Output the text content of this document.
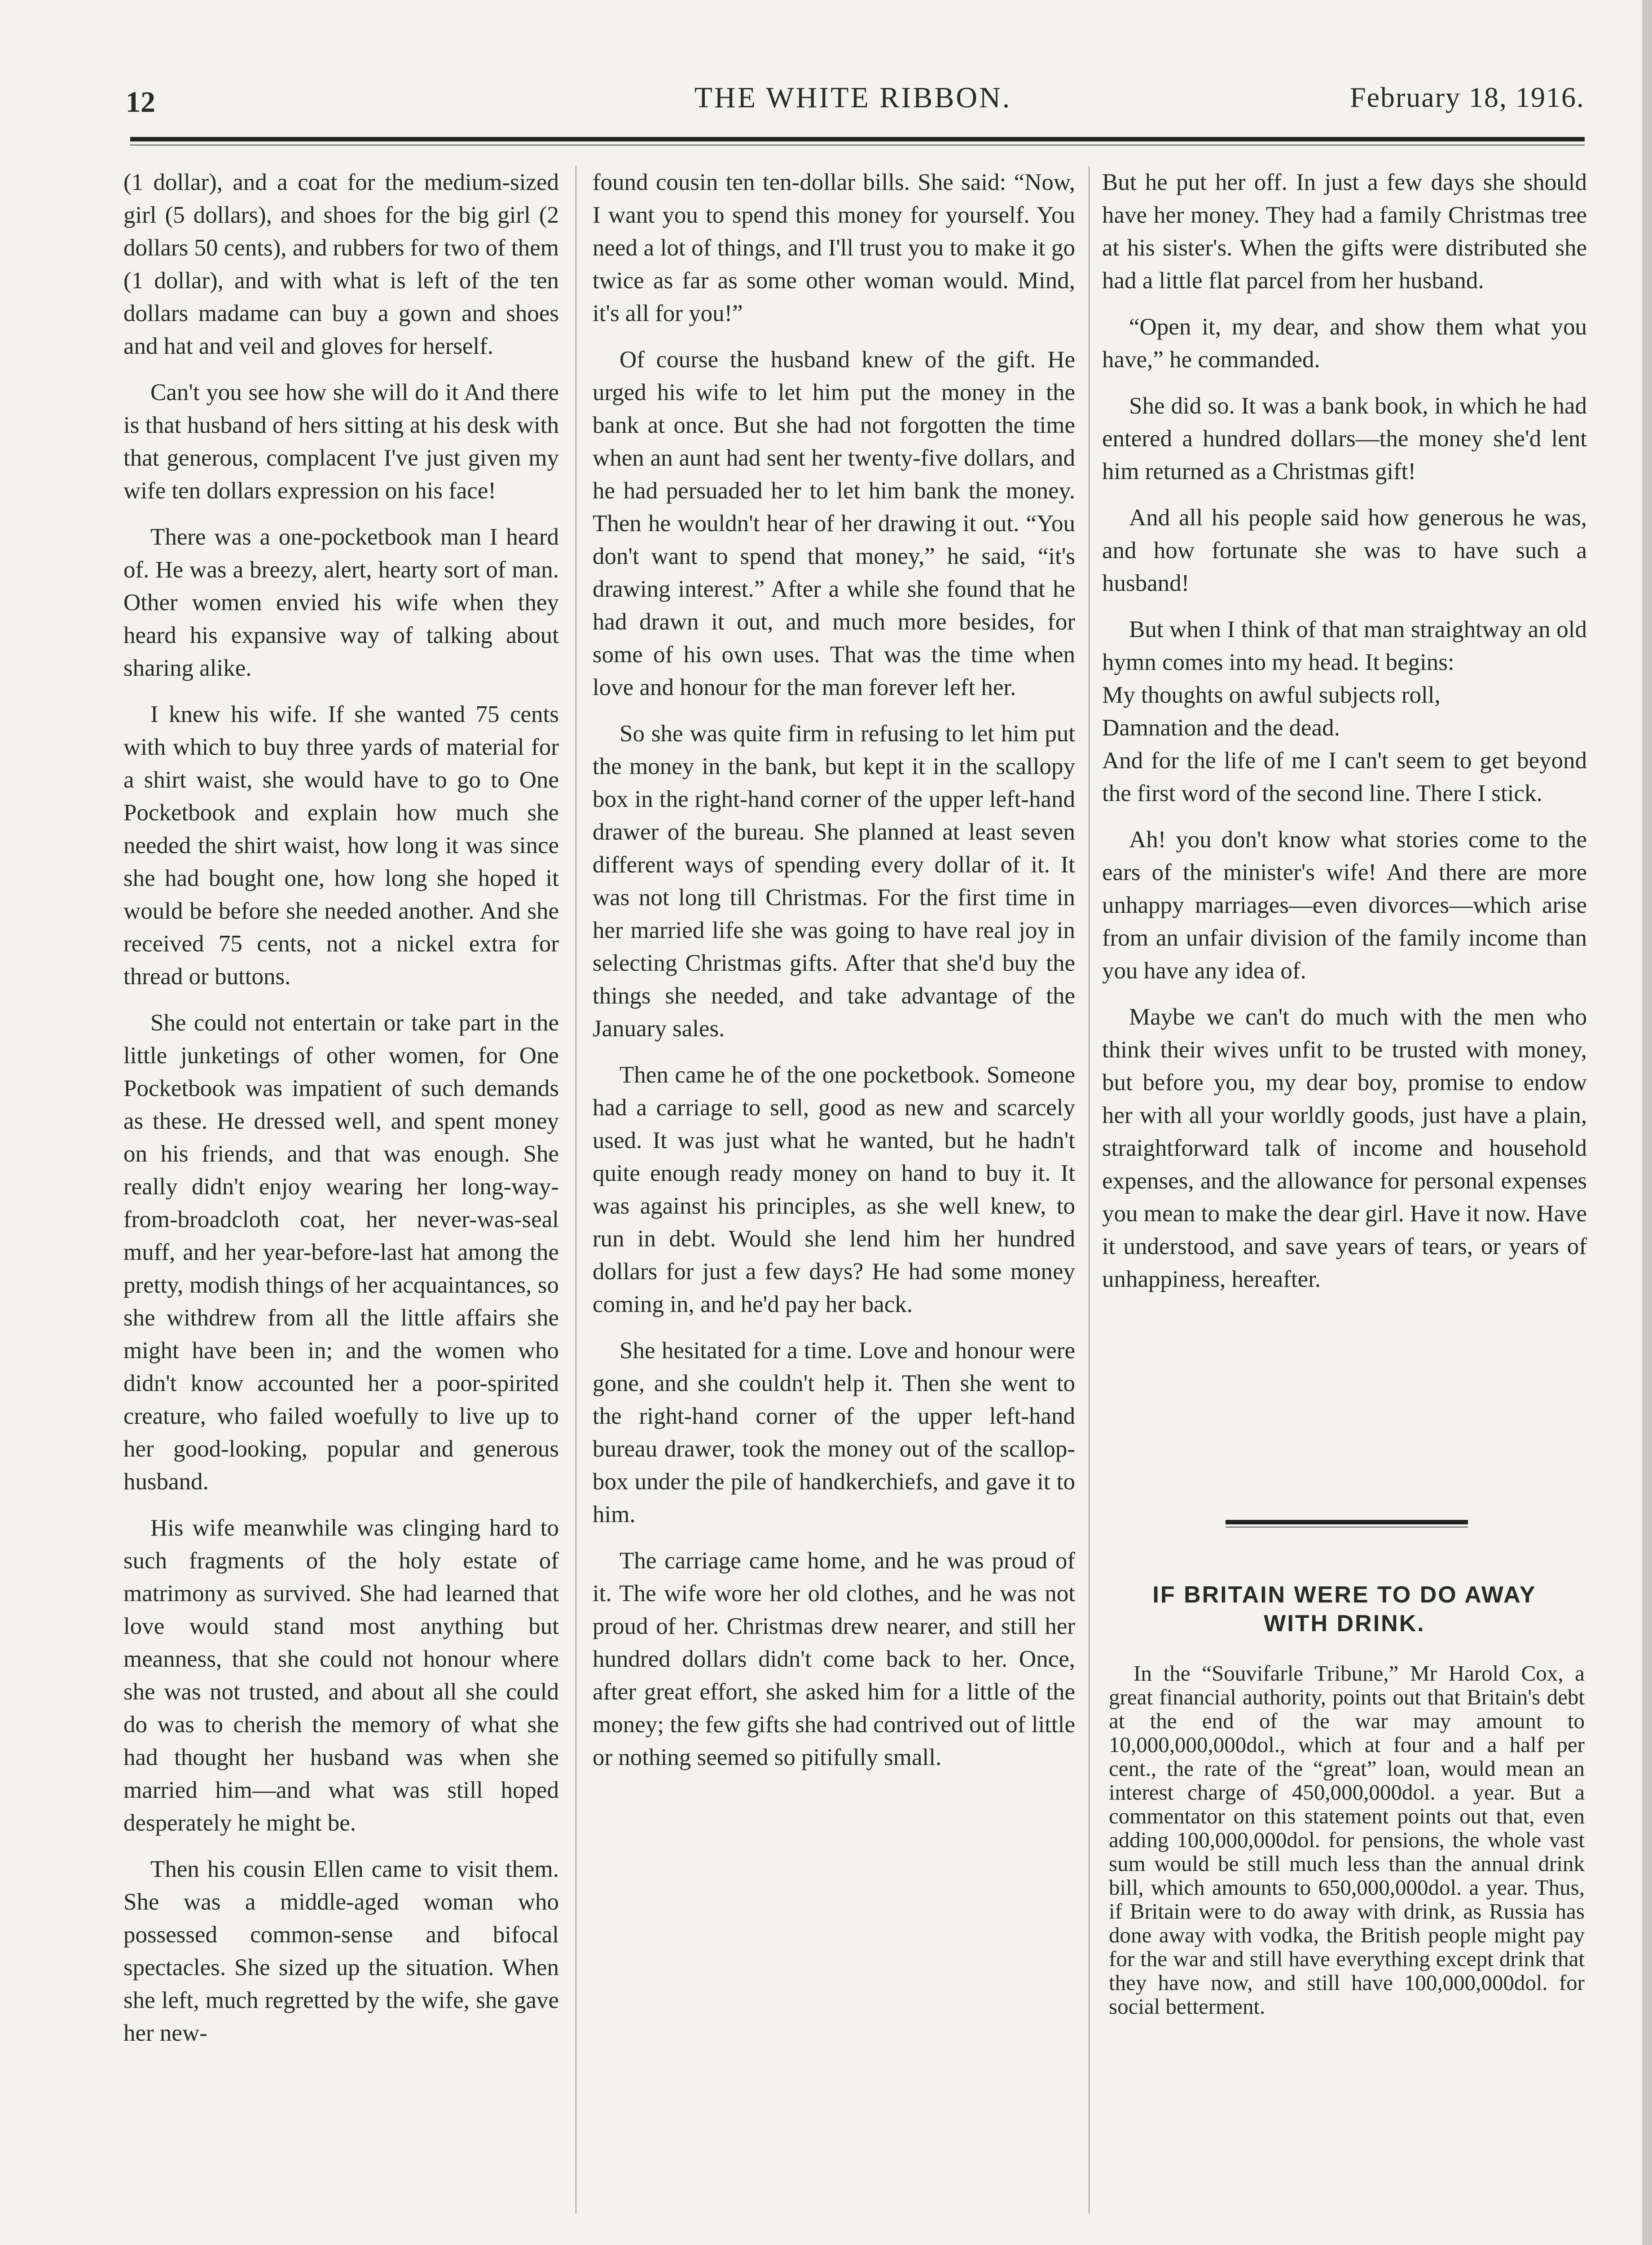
12	THE WHITE RIBBON.	February 18, 1916.

(1 dollar), and a coat for the medium-sized girl (5 dollars), and shoes for the big girl (2 dollars 50 cents), and rubbers for two of them (1 dollar), and with what is left of the ten dollars madame can buy a gown and shoes and hat and veil and gloves for herself.

Can't you see how she will do it And there is that husband of hers sitting at his desk with that generous, complacent I've just given my wife ten dollars expression on his face!

There was a one-pocketbook man I heard of. He was a breezy, alert, hearty sort of man. Other women envied his wife when they heard his expansive way of talking about sharing alike.

I knew his wife. If she wanted 75 cents with which to buy three yards of material for a shirt waist, she would have to go to One Pocketbook and explain how much she needed the shirt waist, how long it was since she had bought one, how long she hoped it would be before she needed another. And she received 75 cents, not a nickel extra for thread or buttons.

She could not entertain or take part in the little junketings of other women, for One Pocketbook was impatient of such demands as these. He dressed well, and spent money on his friends, and that was enough. She really didn't enjoy wearing her long-way-from-broadcloth coat, her never-was-seal muff, and her year-before-last hat among the pretty, modish things of her acquaintances, so she withdrew from all the little affairs she might have been in; and the women who didn't know accounted her a poor-spirited creature, who failed woefully to live up to her good-looking, popular and generous husband.

His wife meanwhile was clinging hard to such fragments of the holy estate of matrimony as survived. She had learned that love would stand most anything but meanness, that she could not honour where she was not trusted, and about all she could do was to cherish the memory of what she had thought her husband was when she married him—and what was still hoped desperately he might be.

Then his cousin Ellen came to visit them. She was a middle-aged woman who possessed common-sense and bifocal spectacles. She sized up the situation. When she left, much regretted by the wife, she gave her new-

found cousin ten ten-dollar bills. She said: “Now, I want you to spend this money for yourself. You need a lot of things, and I'll trust you to make it go twice as far as some other woman would. Mind, it's all for you!”

Of course the husband knew of the gift. He urged his wife to let him put the money in the bank at once. But she had not forgotten the time when an aunt had sent her twenty-five dollars, and he had persuaded her to let him bank the money. Then he wouldn't hear of her drawing it out. “You don't want to spend that money,” he said, “it's drawing interest.” After a while she found that he had drawn it out, and much more besides, for some of his own uses. That was the time when love and honour for the man forever left her.

So she was quite firm in refusing to let him put the money in the bank, but kept it in the scallopy box in the right-hand corner of the upper left-hand drawer of the bureau. She planned at least seven different ways of spending every dollar of it. It was not long till Christmas. For the first time in her married life she was going to have real joy in selecting Christmas gifts. After that she'd buy the things she needed, and take advantage of the January sales.

Then came he of the one pocketbook. Someone had a carriage to sell, good as new and scarcely used. It was just what he wanted, but he hadn't quite enough ready money on hand to buy it. It was against his principles, as she well knew, to run in debt. Would she lend him her hundred dollars for just a few days? He had some money coming in, and he'd pay her back.

She hesitated for a time. Love and honour were gone, and she couldn't help it. Then she went to the right-hand corner of the upper left-hand bureau drawer, took the money out of the scallop-box under the pile of handkerchiefs, and gave it to him.

The carriage came home, and he was proud of it. The wife wore her old clothes, and he was not proud of her. Christmas drew nearer, and still her hundred dollars didn't come back to her. Once, after great effort, she asked him for a little of the money; the few gifts she had contrived out of little or nothing seemed so pitifully small.

But he put her off. In just a few days she should have her money. They had a family Christmas tree at his sister's. When the gifts were distributed she had a little flat parcel from her husband.

“Open it, my dear, and show them what you have,” he commanded.

She did so. It was a bank book, in which he had entered a hundred dollars—the money she'd lent him returned as a Christmas gift!

And all his people said how generous he was, and how fortunate she was to have such a husband!

But when I think of that man straightway an old hymn comes into my head. It begins:

My thoughts on awful subjects roll,

Damnation and the dead.

And for the life of me I can't seem to get beyond the first word of the second line. There I stick.

Ah! you don't know what stories come to the ears of the minister's wife! And there are more unhappy marriages—even divorces—which arise from an unfair division of the family income than you have any idea of.

Maybe we can't do much with the men who think their wives unfit to be trusted with money, but before you, my dear boy, promise to endow her with all your worldly goods, just have a plain, straightforward talk of income and household expenses, and the allowance for personal expenses you mean to make the dear girl. Have it now. Have it understood, and save years of tears, or years of unhappiness, hereafter.

IF BRITAIN WERE TO DO AWAY
WITH DRINK.

In the “Souvifarle Tribune,” Mr Harold Cox, a great financial authority, points out that Britain's debt at the end of the war may amount to 10,000,000,000dol., which at four and a half per cent., the rate of the “great” loan, would mean an interest charge of 450,000,000dol. a year. But a commentator on this statement points out that, even adding 100,000,000dol. for pensions, the whole vast sum would be still much less than the annual drink bill, which amounts to 650,000,000dol. a year. Thus, if Britain were to do away with drink, as Russia has done away with vodka, the British people might pay for the war and still have everything except drink that they have now, and still have 100,000,000dol. for social betterment.
